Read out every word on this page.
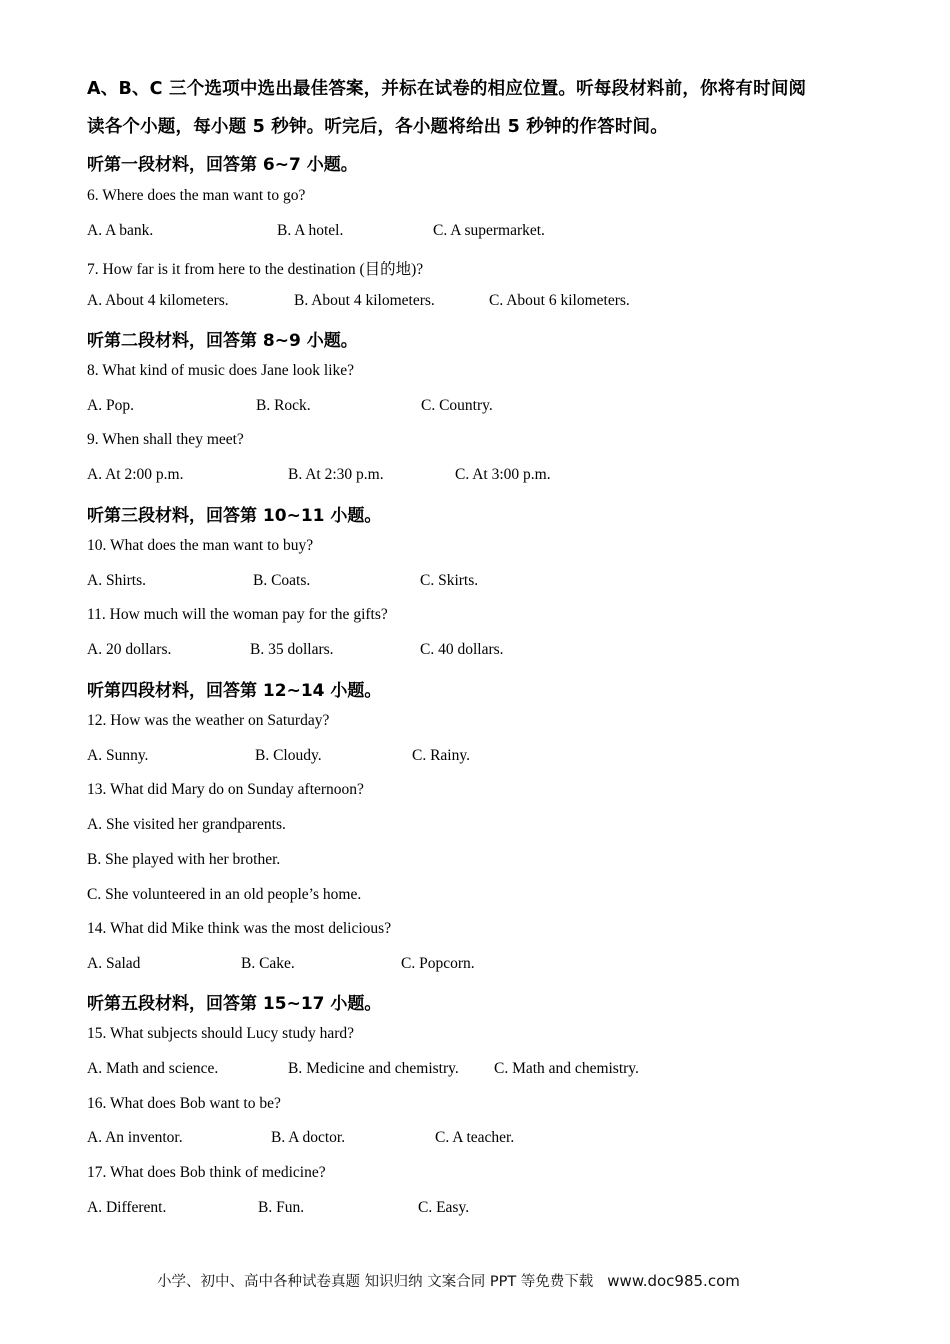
A、B、C 三个选项中选出最佳答案，并标在试卷的相应位置。听每段材料前，你将有时间阅
读各个小题，每小题 5 秒钟。听完后，各小题将给出 5 秒钟的作答时间。
听第一段材料，回答第 6~7 小题。
6. Where does the man want to go?
A. A bank.	B. A hotel.	C. A supermarket.
7. How far is it from here to the destination (目的地)?
A. About 4 kilometers.	B. About 4 kilometers.	C. About 6 kilometers.
听第二段材料，回答第 8~9 小题。
8. What kind of music does Jane look like?
A. Pop.	B. Rock.	C. Country.
9. When shall they meet?
A. At 2:00 p.m.	B. At 2:30 p.m.	C. At 3:00 p.m.
听第三段材料，回答第 10~11 小题。
10. What does the man want to buy?
A. Shirts.	B. Coats.	C. Skirts.
11. How much will the woman pay for the gifts?
A. 20 dollars.	B. 35 dollars.	C. 40 dollars.
听第四段材料，回答第 12~14 小题。
12. How was the weather on Saturday?
A. Sunny.	B. Cloudy.	C. Rainy.
13. What did Mary do on Sunday afternoon?
A. She visited her grandparents.
B. She played with her brother.
C. She volunteered in an old people’s home.
14. What did Mike think was the most delicious?
A. Salad	B. Cake.	C. Popcorn.
听第五段材料，回答第 15~17 小题。
15. What subjects should Lucy study hard?
A. Math and science.	B. Medicine and chemistry. C. Math and chemistry.
16. What does Bob want to be?
A. An inventor.	B. A doctor.	C. A teacher.
17. What does Bob think of medicine?
A. Different.	B. Fun.	C. Easy.
小学、初中、高中各种试卷真题 知识归纳 文案合同 PPT 等免费下载 www.doc985.com
